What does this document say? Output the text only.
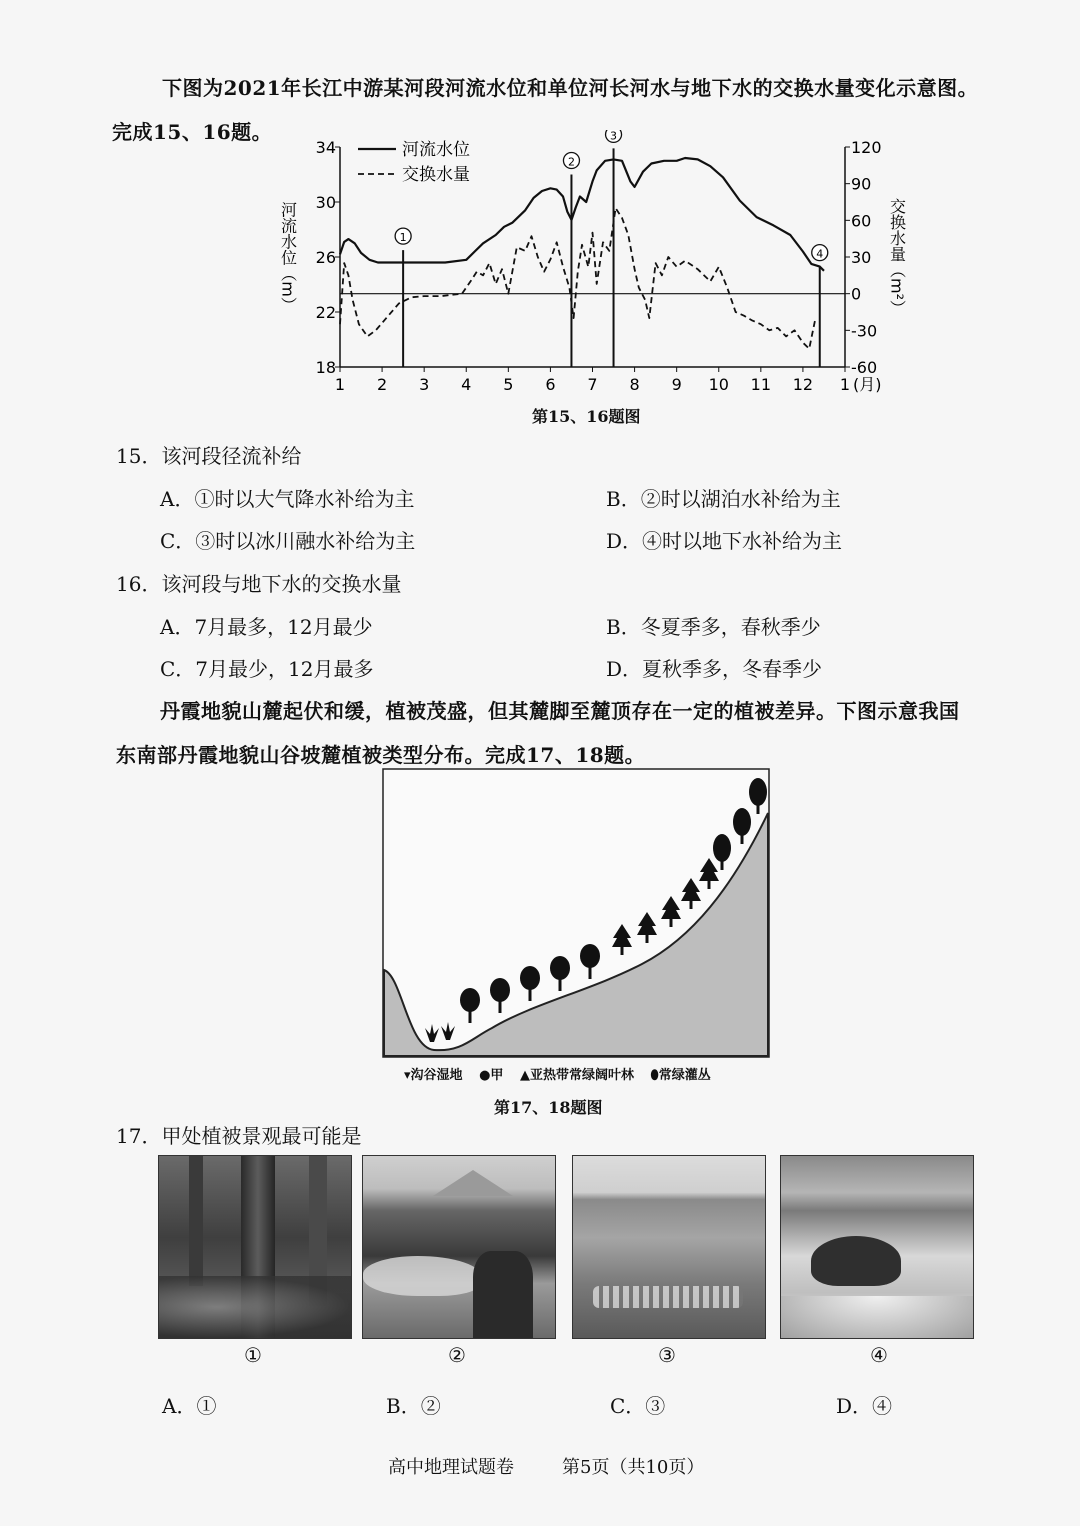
下图为2021年长江中游某河段河流水位和单位河长河水与地下水的交换水量变化示意图。
完成15、16题。
1
2
3
4
1 2 3 4 5 6 7 8 9 10 11 12 1 (月)
18
22
26
30
34
-60
-30
0
30
60
90
120
河流水位（m）	交换水量（m²）
河流水位
交换水量
第15、16题图
15．该河段径流补给
A．①时以大气降水补给为主	B．②时以湖泊水补给为主
C．③时以冰川融水补给为主	D．④时以地下水补给为主
16．该河段与地下水的交换水量
A．7月最多，12月最少	B．冬夏季多，春秋季少
C．7月最少，12月最多	D．夏秋季多，冬春季少
丹霞地貌山麓起伏和缓，植被茂盛，但其麓脚至麓顶存在一定的植被差异。下图示意我国
东南部丹霞地貌山谷坡麓植被类型分布。完成17、18题。
▾沟谷湿地 ●甲 ▲亚热带常绿阔叶林 ⬮常绿灌丛
第17、18题图
17．甲处植被景观最可能是
①	②	③	④
A．①	B．②	C．③	D．④
高中地理试题卷	第5页（共10页）
